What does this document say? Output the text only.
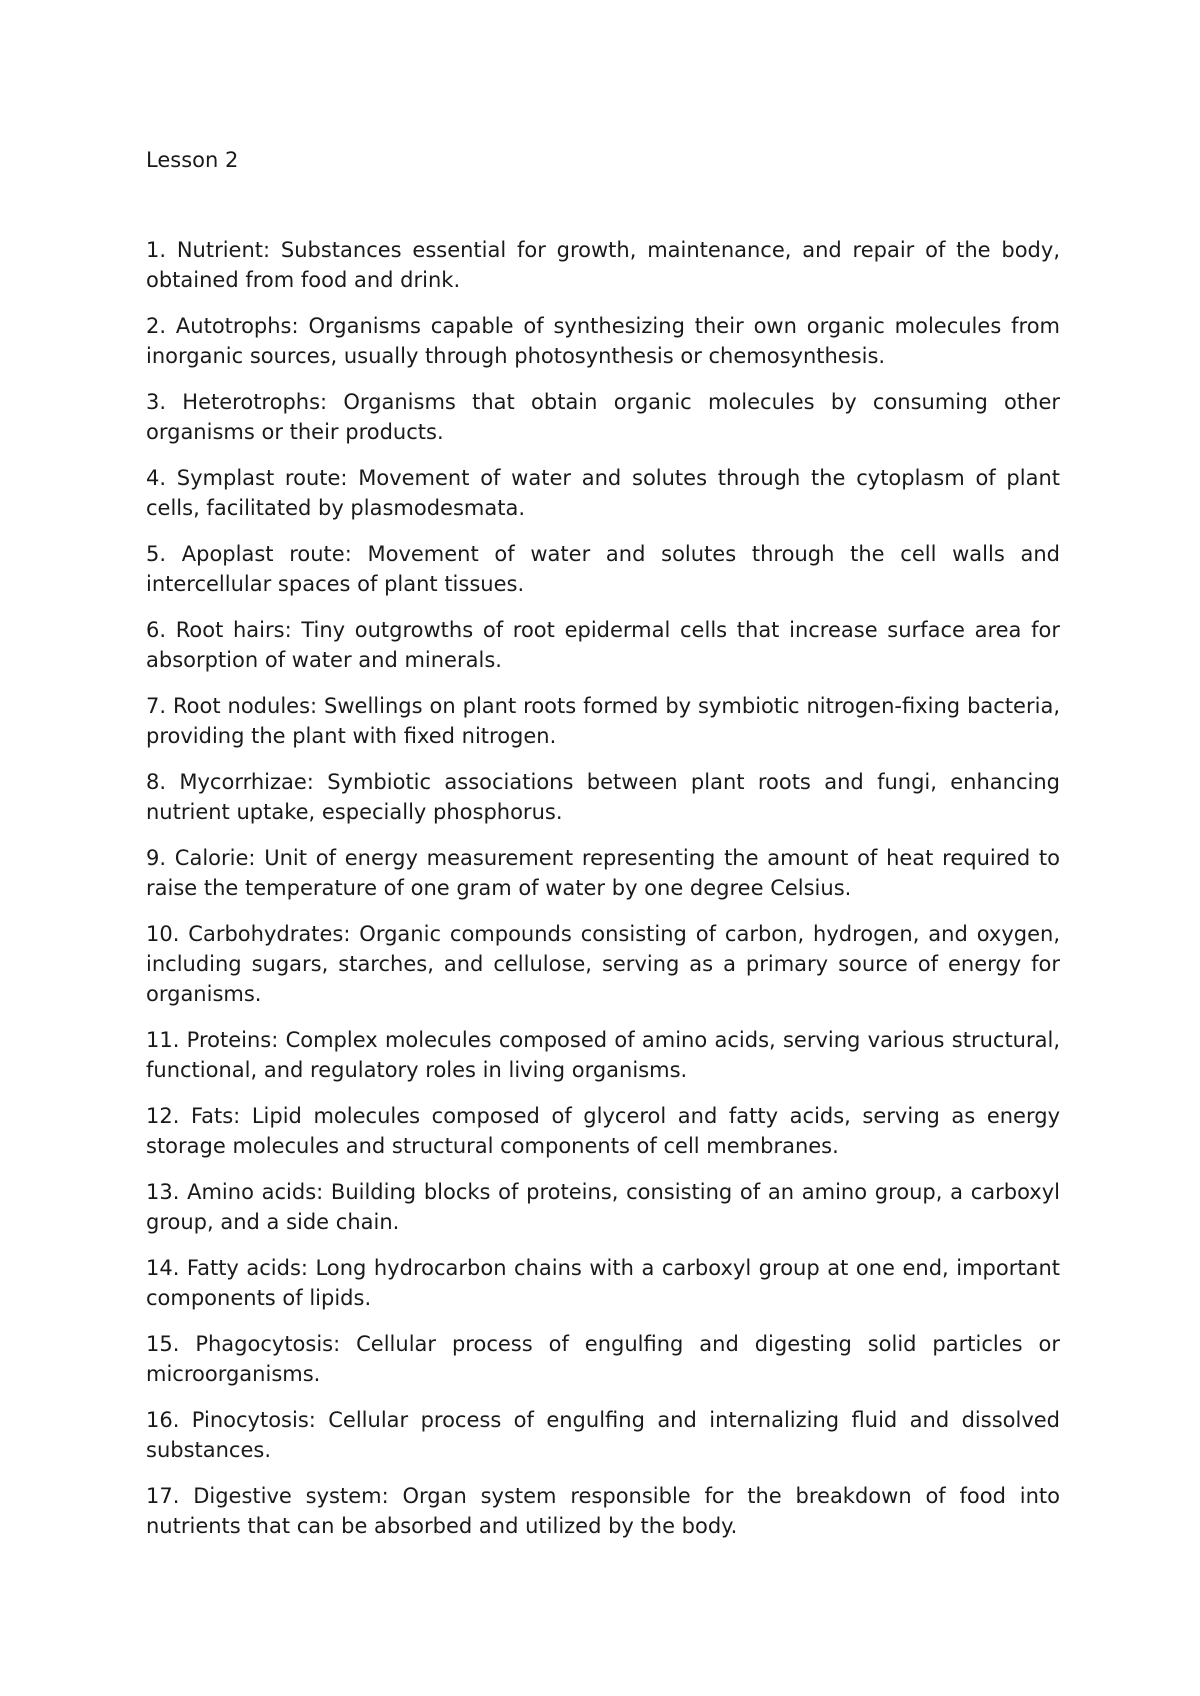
Lesson 2
1. Nutrient: Substances essential for growth, maintenance, and repair of the body, obtained from food and drink.
2. Autotrophs: Organisms capable of synthesizing their own organic molecules from inorganic sources, usually through photosynthesis or chemosynthesis.
3. Heterotrophs: Organisms that obtain organic molecules by consuming other organisms or their products.
4. Symplast route: Movement of water and solutes through the cytoplasm of plant cells, facilitated by plasmodesmata.
5. Apoplast route: Movement of water and solutes through the cell walls and intercellular spaces of plant tissues.
6. Root hairs: Tiny outgrowths of root epidermal cells that increase surface area for absorption of water and minerals.
7. Root nodules: Swellings on plant roots formed by symbiotic nitrogen-fixing bacteria, providing the plant with fixed nitrogen.
8. Mycorrhizae: Symbiotic associations between plant roots and fungi, enhancing nutrient uptake, especially phosphorus.
9. Calorie: Unit of energy measurement representing the amount of heat required to raise the temperature of one gram of water by one degree Celsius.
10. Carbohydrates: Organic compounds consisting of carbon, hydrogen, and oxygen, including sugars, starches, and cellulose, serving as a primary source of energy for organisms.
11. Proteins: Complex molecules composed of amino acids, serving various structural, functional, and regulatory roles in living organisms.
12. Fats: Lipid molecules composed of glycerol and fatty acids, serving as energy storage molecules and structural components of cell membranes.
13. Amino acids: Building blocks of proteins, consisting of an amino group, a carboxyl group, and a side chain.
14. Fatty acids: Long hydrocarbon chains with a carboxyl group at one end, important components of lipids.
15. Phagocytosis: Cellular process of engulfing and digesting solid particles or microorganisms.
16. Pinocytosis: Cellular process of engulfing and internalizing fluid and dissolved substances.
17. Digestive system: Organ system responsible for the breakdown of food into nutrients that can be absorbed and utilized by the body.
